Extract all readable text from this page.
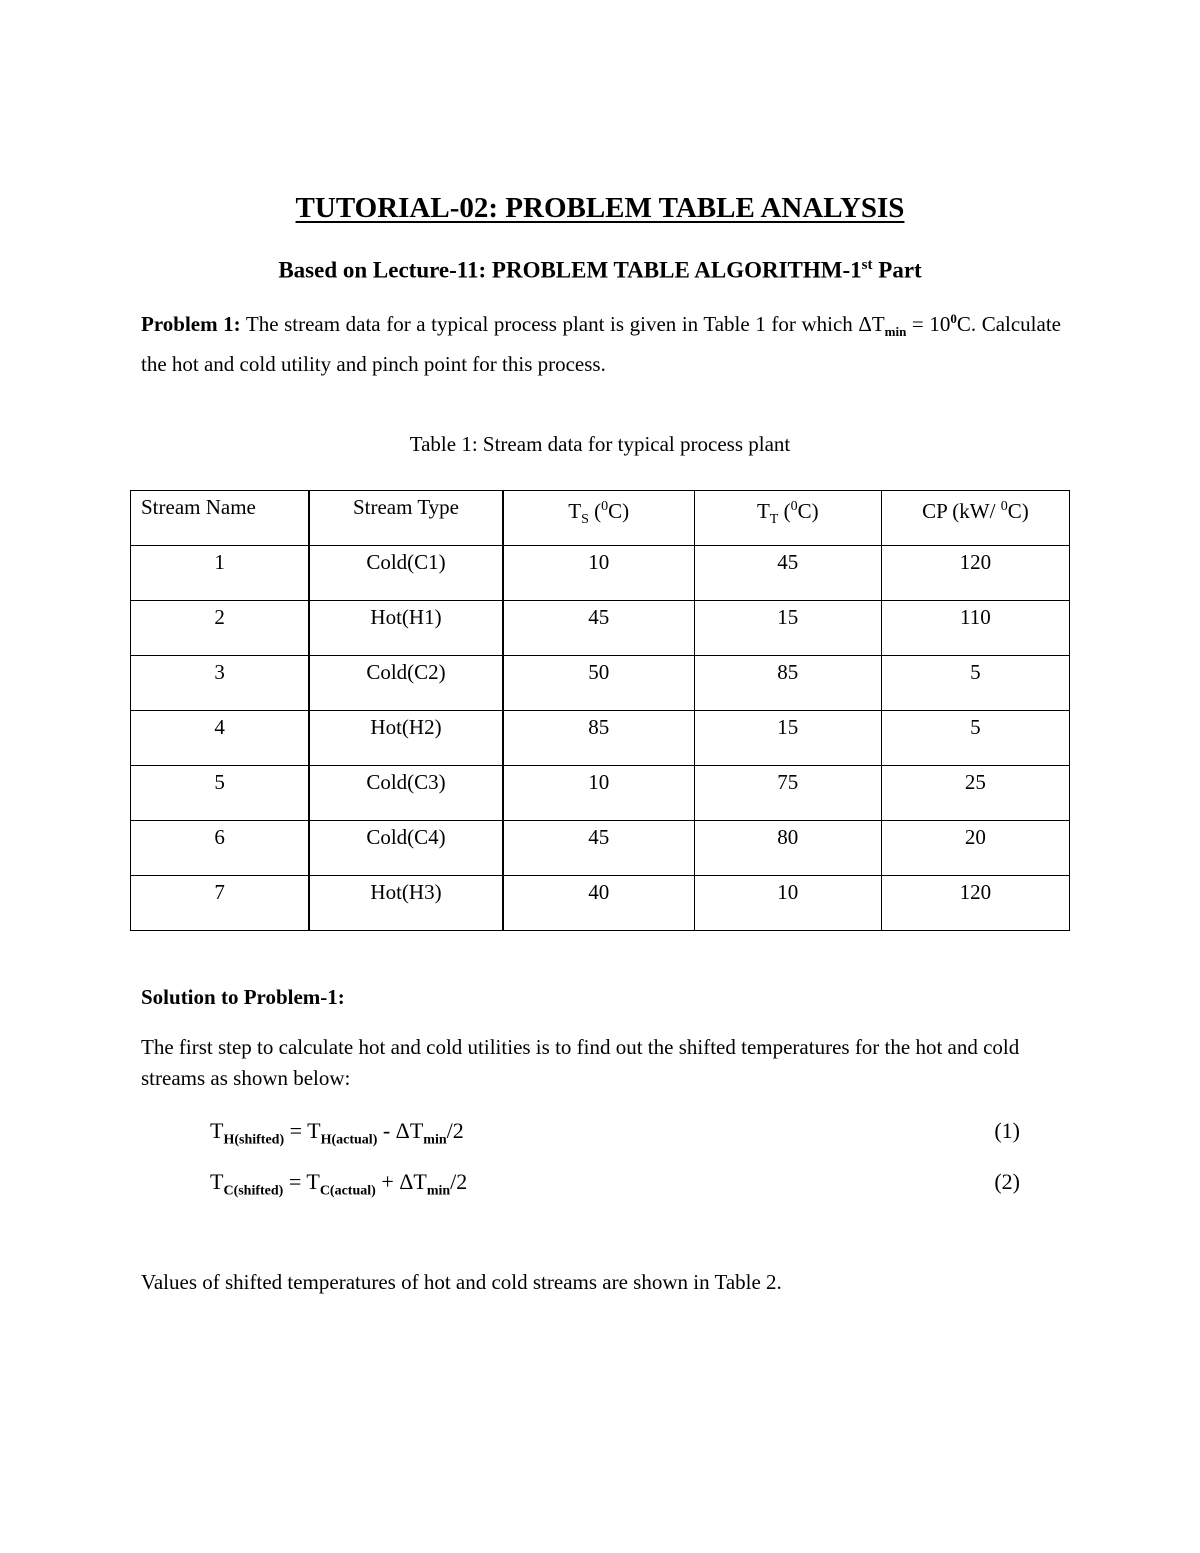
TUTORIAL-02: PROBLEM TABLE ANALYSIS
Based on Lecture-11: PROBLEM TABLE ALGORITHM-1st Part
Problem 1: The stream data for a typical process plant is given in Table 1 for which $\Delta T_{min} = 10^0C$. Calculate the hot and cold utility and pinch point for this process.
Table 1: Stream data for typical process plant
Stream Name	Stream Type	$T_S$ ($^0$C)	$T_T$ ($^0$C)	CP (kW/ $^0$C)
1	Cold(C1)	10	45	120
2	Hot(H1)	45	15	110
3	Cold(C2)	50	85	5
4	Hot(H2)	85	15	5
5	Cold(C3)	10	75	25
6	Cold(C4)	45	80	20
7	Hot(H3)	40	10	120
Solution to Problem-1:
The first step to calculate hot and cold utilities is to find out the shifted temperatures for the hot and cold streams as shown below:
$T_{H(shifted)} = T_{H(actual)} - \Delta T_{min}/2$	(1)
$T_{C(shifted)} = T_{C(actual)} + \Delta T_{min}/2$	(2)
Values of shifted temperatures of hot and cold streams are shown in Table 2.
